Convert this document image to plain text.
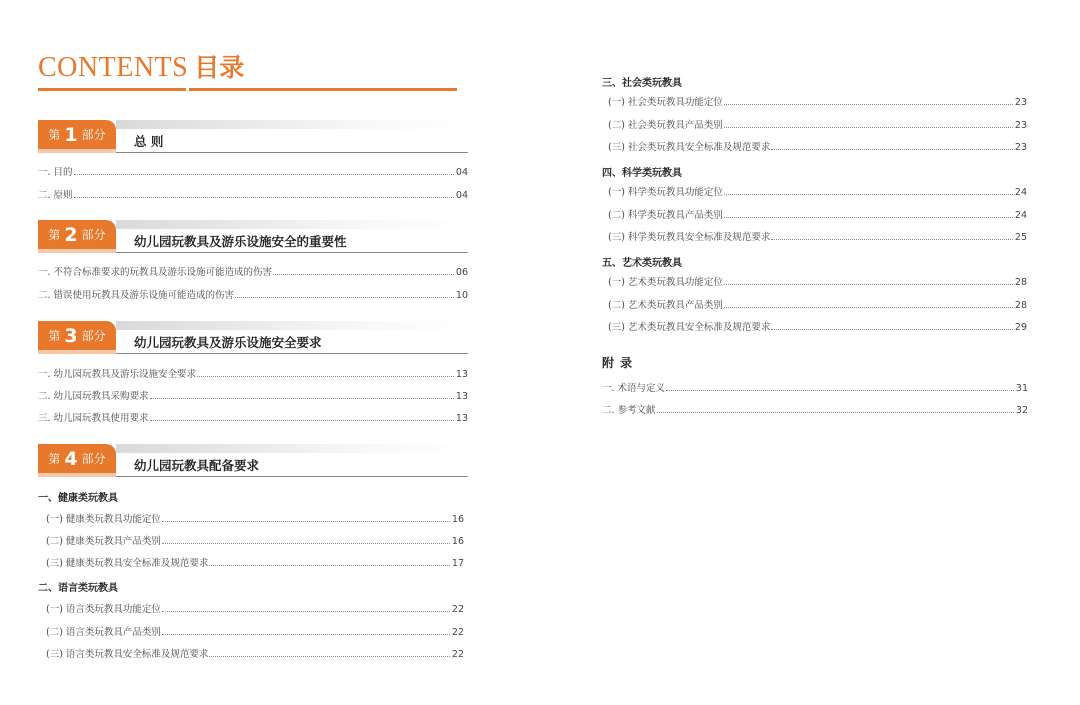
CONTENTS 目录
第 1 部分 总 则
一. 目的	04
二. 原则	04
第 2 部分 幼儿园玩教具及游乐设施安全的重要性
一. 不符合标准要求的玩教具及游乐设施可能造成的伤害	06
二. 错误使用玩教具及游乐设施可能造成的伤害	10
第 3 部分 幼儿园玩教具及游乐设施安全要求
一. 幼儿园玩教具及游乐设施安全要求	13
二. 幼儿园玩教具采购要求	13
三. 幼儿园玩教具使用要求	13
第 4 部分 幼儿园玩教具配备要求
一、健康类玩教具
(一) 健康类玩教具功能定位	16
(二) 健康类玩教具产品类别	16
(三) 健康类玩教具安全标准及规范要求	17
二、语言类玩教具
(一) 语言类玩教具功能定位	22
(二) 语言类玩教具产品类别	22
(三) 语言类玩教具安全标准及规范要求	22
三、社会类玩教具
(一) 社会类玩教具功能定位	23
(二) 社会类玩教具产品类别	23
(三) 社会类玩教具安全标准及规范要求	23
四、科学类玩教具
(一) 科学类玩教具功能定位	24
(二) 科学类玩教具产品类别	24
(三) 科学类玩教具安全标准及规范要求	25
五、艺术类玩教具
(一) 艺术类玩教具功能定位	28
(二) 艺术类玩教具产品类别	28
(三) 艺术类玩教具安全标准及规范要求	29
附 录
一. 术语与定义	31
二. 参考文献	32
